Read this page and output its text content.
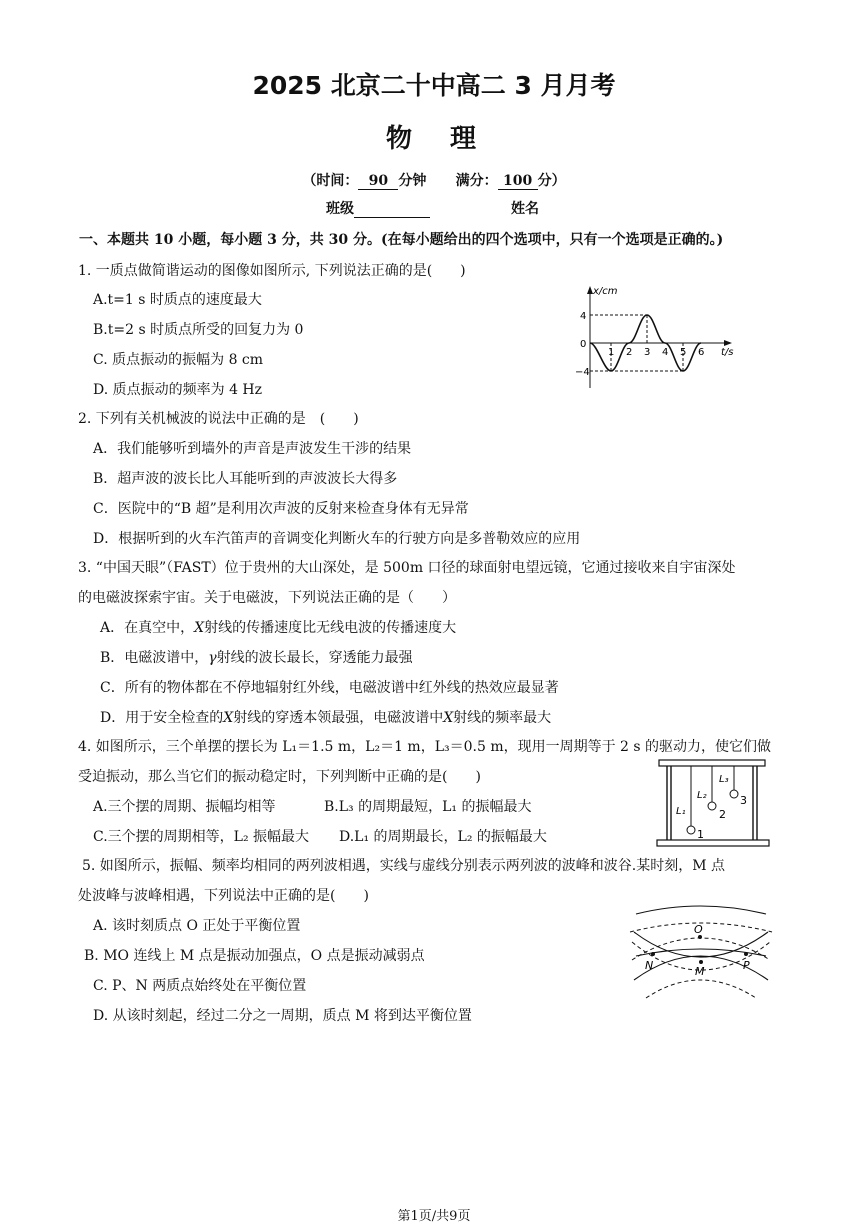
2025 北京二十中高二 3 月月考
物　理
（时间： 90 分钟 满分： 100 分）
班级	姓名
一、本题共 10 小题，每小题 3 分，共 30 分。(在每小题给出的四个选项中，只有一个选项是正确的。)
1. 一质点做简谐运动的图像如图所示, 下列说法正确的是(　　)
A.t=1 s 时质点的速度最大
B.t=2 s 时质点所受的回复力为 0
C. 质点振动的振幅为 8 cm
D. 质点振动的频率为 4 Hz
x/cm
t/s
4
0
−4
1 2 3 4 5 6
2. 下列有关机械波的说法中正确的是　(　　)
A．我们能够听到墙外的声音是声波发生干涉的结果
B．超声波的波长比人耳能听到的声波波长大得多
C．医院中的“B 超”是利用次声波的反射来检查身体有无异常
D．根据听到的火车汽笛声的音调变化判断火车的行驶方向是多普勒效应的应用
3. “中国天眼”（FAST）位于贵州的大山深处，是 500m 口径的球面射电望远镜，它通过接收来自宇宙深处
的电磁波探索宇宙。关于电磁波，下列说法正确的是（　　）
A．在真空中，X射线的传播速度比无线电波的传播速度大
B．电磁波谱中，γ射线的波长最长，穿透能力最强
C．所有的物体都在不停地辐射红外线，电磁波谱中红外线的热效应最显著
D．用于安全检查的X射线的穿透本领最强，电磁波谱中X射线的频率最大
4. 如图所示，三个单摆的摆长为 L₁＝1.5 m，L₂＝1 m，L₃＝0.5 m，现用一周期等于 2 s 的驱动力，使它们做
受迫振动，那么当它们的振动稳定时，下列判断中正确的是(　　)
A.三个摆的周期、振幅均相等	B.L₃ 的周期最短，L₁ 的振幅最大
C.三个摆的周期相等，L₂ 振幅最大 D.L₁ 的周期最长，L₂ 的振幅最大
L₁
L₂
L₃
1
2
3
5. 如图所示，振幅、频率均相同的两列波相遇，实线与虚线分别表示两列波的波峰和波谷.某时刻，M 点
处波峰与波峰相遇，下列说法中正确的是(　　)
A. 该时刻质点 O 正处于平衡位置
B. MO 连线上 M 点是振动加强点，O 点是振动减弱点
C. P、N 两质点始终处在平衡位置
D. 从该时刻起，经过二分之一周期，质点 M 将到达平衡位置
O
N	M	P
第1页/共9页
